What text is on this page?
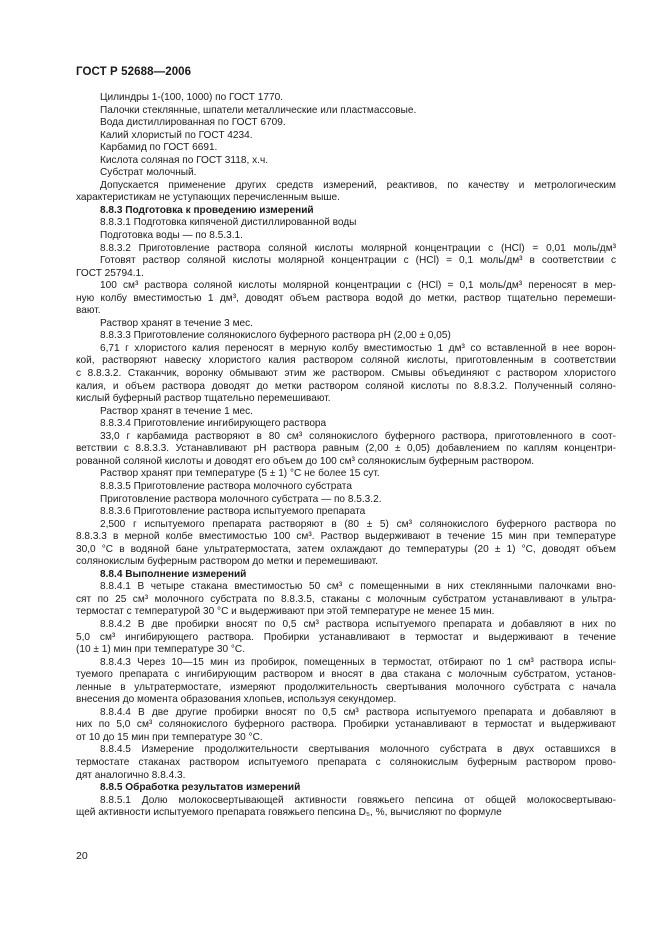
ГОСТ Р 52688—2006
Цилиндры 1-(100, 1000) по ГОСТ 1770.
Палочки стеклянные, шпатели металлические или пластмассовые.
Вода дистиллированная по ГОСТ 6709.
Калий хлористый по ГОСТ 4234.
Карбамид по ГОСТ 6691.
Кислота соляная по ГОСТ 3118, х.ч.
Субстрат молочный.
Допускается применение других средств измерений, реактивов, по качеству и метрологическим
характеристикам не уступающих перечисленным выше.
8.8.3 Подготовка к проведению измерений
8.8.3.1 Подготовка кипяченой дистиллированной воды
Подготовка воды — по 8.5.3.1.
8.8.3.2 Приготовление раствора соляной кислоты молярной концентрации c (HCl) = 0,01 моль/дм³
Готовят раствор соляной кислоты молярной концентрации c (HCl) = 0,1 моль/дм³ в соответствии с
ГОСТ 25794.1.
100 см³ раствора соляной кислоты молярной концентрации c (HCl) = 0,1 моль/дм³ переносят в мер-
ную колбу вместимостью 1 дм³, доводят объем раствора водой до метки, раствор тщательно перемеши-
вают.
Раствор хранят в течение 3 мес.
8.8.3.3 Приготовление солянокислого буферного раствора рН (2,00 ± 0,05)
6,71 г хлористого калия переносят в мерную колбу вместимостью 1 дм³ со вставленной в нее ворон-
кой, растворяют навеску хлористого калия раствором соляной кислоты, приготовленным в соответствии
с 8.8.3.2. Стаканчик, воронку обмывают этим же раствором. Смывы объединяют с раствором хлористого
калия, и объем раствора доводят до метки раствором соляной кислоты по 8.8.3.2. Полученный соляно-
кислый буферный раствор тщательно перемешивают.
Раствор хранят в течение 1 мес.
8.8.3.4 Приготовление ингибирующего раствора
33,0 г карбамида растворяют в 80 см³ солянокислого буферного раствора, приготовленного в соот-
ветствии с 8.8.3.3. Устанавливают рН раствора равным (2,00 ± 0,05) добавлением по каплям концентри-
рованной соляной кислоты и доводят его объем до 100 см³ солянокислым буферным раствором.
Раствор хранят при температуре (5 ± 1) °С не более 15 сут.
8.8.3.5 Приготовление раствора молочного субстрата
Приготовление раствора молочного субстрата — по 8.5.3.2.
8.8.3.6 Приготовление раствора испытуемого препарата
2,500 г испытуемого препарата растворяют в (80 ± 5) см³ солянокислого буферного раствора по
8.8.3.3 в мерной колбе вместимостью 100 см³. Раствор выдерживают в течение 15 мин при температуре
30,0 °С в водяной бане ультратермостата, затем охлаждают до температуры (20 ± 1) °С, доводят объем
солянокислым буферным раствором до метки и перемешивают.
8.8.4 Выполнение измерений
8.8.4.1 В четыре стакана вместимостью 50 см³ с помещенными в них стеклянными палочками вно-
сят по 25 см³ молочного субстрата по 8.8.3.5, стаканы с молочным субстратом устанавливают в ультра-
термостат с температурой 30 °С и выдерживают при этой температуре не менее 15 мин.
8.8.4.2 В две пробирки вносят по 0,5 см³ раствора испытуемого препарата и добавляют в них по
5,0 см³ ингибирующего раствора. Пробирки устанавливают в термостат и выдерживают в течение
(10 ± 1) мин при температуре 30 °С.
8.8.4.3 Через 10—15 мин из пробирок, помещенных в термостат, отбирают по 1 см³ раствора испы-
туемого препарата с ингибирующим раствором и вносят в два стакана с молочным субстратом, установ-
ленные в ультратермостате, измеряют продолжительность свертывания молочного субстрата с начала
внесения до момента образования хлопьев, используя секундомер.
8.8.4.4 В две другие пробирки вносят по 0,5 см³ раствора испытуемого препарата и добавляют в
них по 5,0 см³ солянокислого буферного раствора. Пробирки устанавливают в термостат и выдерживают
от 10 до 15 мин при температуре 30 °С.
8.8.4.5 Измерение продолжительности свертывания молочного субстрата в двух оставшихся в
термостате стаканах раствором испытуемого препарата с солянокислым буферным раствором прово-
дят аналогично 8.8.4.3.
8.8.5 Обработка результатов измерений
8.8.5.1 Долю молокосвертывающей активности говяжьего пепсина от общей молокосвертываю-
щей активности испытуемого препарата говяжьего пепсина D₅, %, вычисляют по формуле
20
